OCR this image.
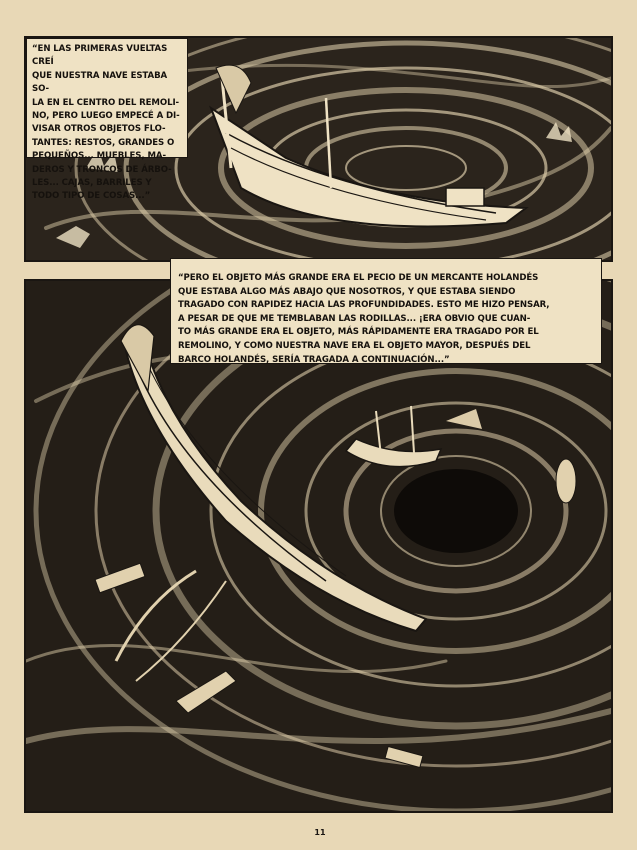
“EN LAS PRIMERAS VUELTAS CREÍ
QUE NUESTRA NAVE ESTABA SO-
LA EN EL CENTRO DEL REMOLI-
NO, PERO LUEGO EMPECÉ A DI-
VISAR OTROS OBJETOS FLO-
TANTES: RESTOS, GRANDES O
PEQUEÑOS... MUEBLES, MA-
DEROS Y TRONCOS DE ÁRBO-
LES... CAJAS, BARRILES Y
TODO TIPO DE COSAS...”
“PERO EL OBJETO MÁS GRANDE ERA EL PECIO DE UN MERCANTE HOLANDÉS
QUE ESTABA ALGO MÁS ABAJO QUE NOSOTROS, Y QUE ESTABA SIENDO
TRAGADO CON RAPIDEZ HACIA LAS PROFUNDIDADES. ESTO ME HIZO PENSAR,
A PESAR DE QUE ME TEMBLABAN LAS RODILLAS... ¡ERA OBVIO QUE CUAN-
TO MÁS GRANDE ERA EL OBJETO, MÁS RÁPIDAMENTE ERA TRAGADO POR EL
REMOLINO, Y COMO NUESTRA NAVE ERA EL OBJETO MAYOR, DESPUÉS DEL
BARCO HOLANDÉS, SERÍA TRAGADA A CONTINUACIÓN...”
11
